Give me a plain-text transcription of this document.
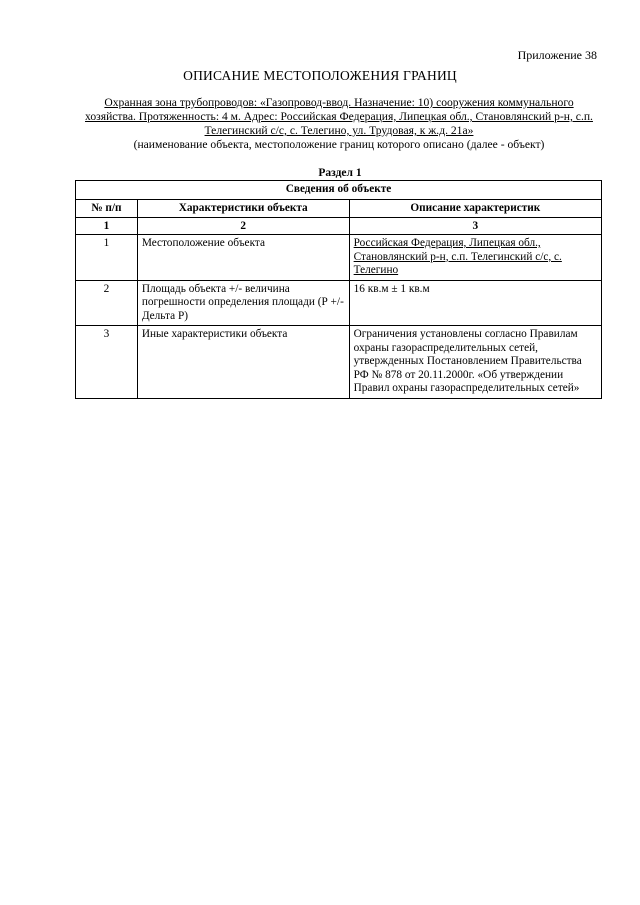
Приложение 38
ОПИСАНИЕ МЕСТОПОЛОЖЕНИЯ ГРАНИЦ
Охранная зона трубопроводов: «Газопровод-ввод. Назначение: 10) сооружения коммунального хозяйства. Протяженность: 4 м. Адрес: Российская Федерация, Липецкая обл., Становлянский р-н, с.п. Телегинский с/с, с. Телегино, ул. Трудовая, к ж.д. 21а»
(наименование объекта, местоположение границ которого описано (далее - объект)
Раздел 1
Сведения об объекте		
№ п/п	Характеристики объекта	Описание характеристик
1	2	3
1	Местоположение объекта	Российская Федерация, Липецкая обл., Становлянский р-н, с.п. Телегинский с/с, с. Телегино
2	Площадь объекта +/- величина погрешности определения площади (Р +/- Дельта Р)	16 кв.м ± 1 кв.м
3	Иные характеристики объекта	Ограничения установлены согласно Правилам охраны газораспределительных сетей, утвержденных Постановлением Правительства РФ № 878 от 20.11.2000г. «Об утверждении Правил охраны газораспределительных сетей»
